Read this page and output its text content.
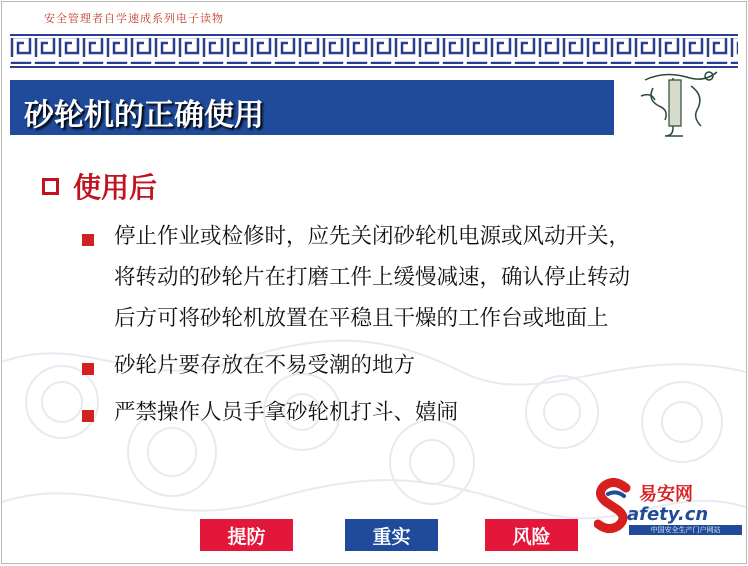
安全管理者自学速成系列电子读物
砂轮机的正确使用
使用后
停止作业或检修时，应先关闭砂轮机电源或风动开关，
将转动的砂轮片在打磨工件上缓慢减速，确认停止转动
后方可将砂轮机放置在平稳且干燥的工作台或地面上
砂轮片要存放在不易受潮的地方
严禁操作人员手拿砂轮机打斗、嬉闹
S
易安网
afety.cn
中国安全生产门户网站
提防	重实	风险
